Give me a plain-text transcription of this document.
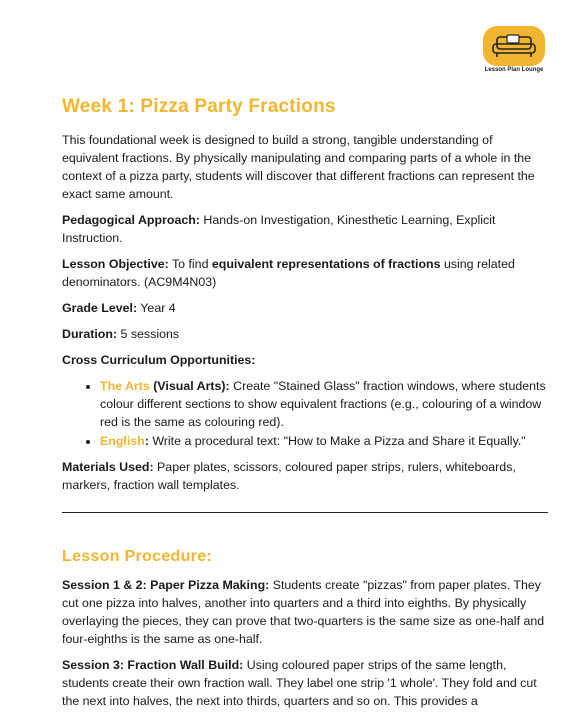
Lesson Plan Lounge
Week 1: Pizza Party Fractions

This foundational week is designed to build a strong, tangible understanding of equivalent fractions. By physically manipulating and comparing parts of a whole in the context of a pizza party, students will discover that different fractions can represent the exact same amount.

Pedagogical Approach: Hands-on Investigation, Kinesthetic Learning, Explicit Instruction.

Lesson Objective: To find equivalent representations of fractions using related denominators. (AC9M4N03)

Grade Level: Year 4

Duration: 5 sessions

Cross Curriculum Opportunities:

• The Arts (Visual Arts): Create "Stained Glass" fraction windows, where students colour different sections to show equivalent fractions (e.g., colouring of a window red is the same as colouring red).
• English: Write a procedural text: "How to Make a Pizza and Share it Equally."

Materials Used: Paper plates, scissors, coloured paper strips, rulers, whiteboards, markers, fraction wall templates.

Lesson Procedure:

Session 1 & 2: Paper Pizza Making: Students create "pizzas" from paper plates. They cut one pizza into halves, another into quarters and a third into eighths. By physically overlaying the pieces, they can prove that two-quarters is the same size as one-half and four-eighths is the same as one-half.

Session 3: Fraction Wall Build: Using coloured paper strips of the same length, students create their own fraction wall. They label one strip '1 whole'. They fold and cut the next into halves, the next into thirds, quarters and so on. This provides a
